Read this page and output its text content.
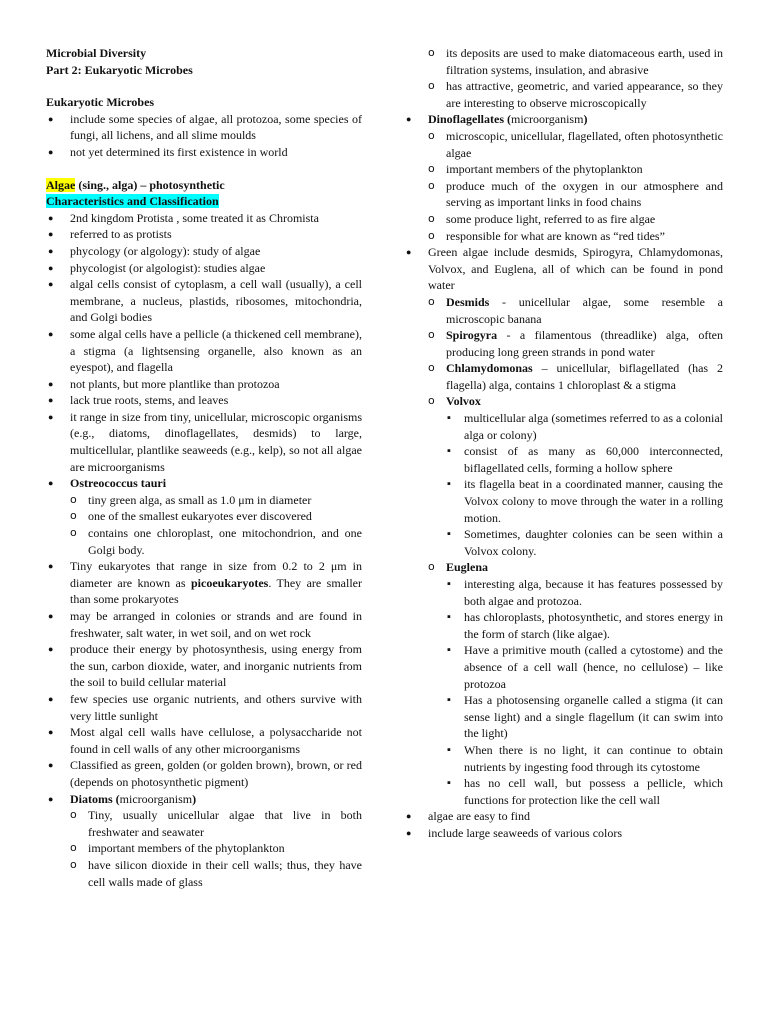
Microbial Diversity
Part 2: Eukaryotic Microbes
Eukaryotic Microbes
● include some species of algae, all protozoa, some species of fungi, all lichens, and all slime moulds
● not yet determined its first existence in world
Algae (sing., alga) – photosynthetic
Characteristics and Classification
● 2nd kingdom Protista , some treated it as Chromista
● referred to as protists
● phycology (or algology): study of algae
● phycologist (or algologist): studies algae
● algal cells consist of cytoplasm, a cell wall (usually), a cell membrane, a nucleus, plastids, ribosomes, mitochondria, and Golgi bodies
● some algal cells have a pellicle (a thickened cell membrane), a stigma (a lightsensing organelle, also known as an eyespot), and flagella
● not plants, but more plantlike than protozoa
● lack true roots, stems, and leaves
● it range in size from tiny, unicellular, microscopic organisms (e.g., diatoms, dinoflagellates, desmids) to large, multicellular, plantlike seaweeds (e.g., kelp), so not all algae are microorganisms
● Ostreococcus tauri
o tiny green alga, as small as 1.0 μm in diameter
o one of the smallest eukaryotes ever discovered
o contains one chloroplast, one mitochondrion, and one Golgi body.
● Tiny eukaryotes that range in size from 0.2 to 2 μm in diameter are known as picoeukaryotes. They are smaller than some prokaryotes
● may be arranged in colonies or strands and are found in freshwater, salt water, in wet soil, and on wet rock
● produce their energy by photosynthesis, using energy from the sun, carbon dioxide, water, and inorganic nutrients from the soil to build cellular material
● few species use organic nutrients, and others survive with very little sunlight
● Most algal cell walls have cellulose, a polysaccharide not found in cell walls of any other microorganisms
● Classified as green, golden (or golden brown), brown, or red (depends on photosynthetic pigment)
● Diatoms (microorganism)
o Tiny, usually unicellular algae that live in both freshwater and seawater
o important members of the phytoplankton
o have silicon dioxide in their cell walls; thus, they have cell walls made of glass
o its deposits are used to make diatomaceous earth, used in filtration systems, insulation, and abrasive
o has attractive, geometric, and varied appearance, so they are interesting to observe microscopically
● Dinoflagellates (microorganism)
o microscopic, unicellular, flagellated, often photosynthetic algae
o important members of the phytoplankton
o produce much of the oxygen in our atmosphere and serving as important links in food chains
o some produce light, referred to as fire algae
o responsible for what are known as “red tides”
● Green algae include desmids, Spirogyra, Chlamydomonas, Volvox, and Euglena, all of which can be found in pond water
o Desmids - unicellular algae, some resemble a microscopic banana
o Spirogyra - a filamentous (threadlike) alga, often producing long green strands in pond water
o Chlamydomonas – unicellular, biflagellated (has 2 flagella) alga, contains 1 chloroplast & a stigma
o Volvox
▪ multicellular alga (sometimes referred to as a colonial alga or colony)
▪ consist of as many as 60,000 interconnected, biflagellated cells, forming a hollow sphere
▪ its flagella beat in a coordinated manner, causing the Volvox colony to move through the water in a rolling motion.
▪ Sometimes, daughter colonies can be seen within a Volvox colony.
o Euglena
▪ interesting alga, because it has features possessed by both algae and protozoa.
▪ has chloroplasts, photosynthetic, and stores energy in the form of starch (like algae).
▪ Have a primitive mouth (called a cytostome) and the absence of a cell wall (hence, no cellulose) – like protozoa
▪ Has a photosensing organelle called a stigma (it can sense light) and a single flagellum (it can swim into the light)
▪ When there is no light, it can continue to obtain nutrients by ingesting food through its cytostome
▪ has no cell wall, but possess a pellicle, which functions for protection like the cell wall
● algae are easy to find
● include large seaweeds of various colors
